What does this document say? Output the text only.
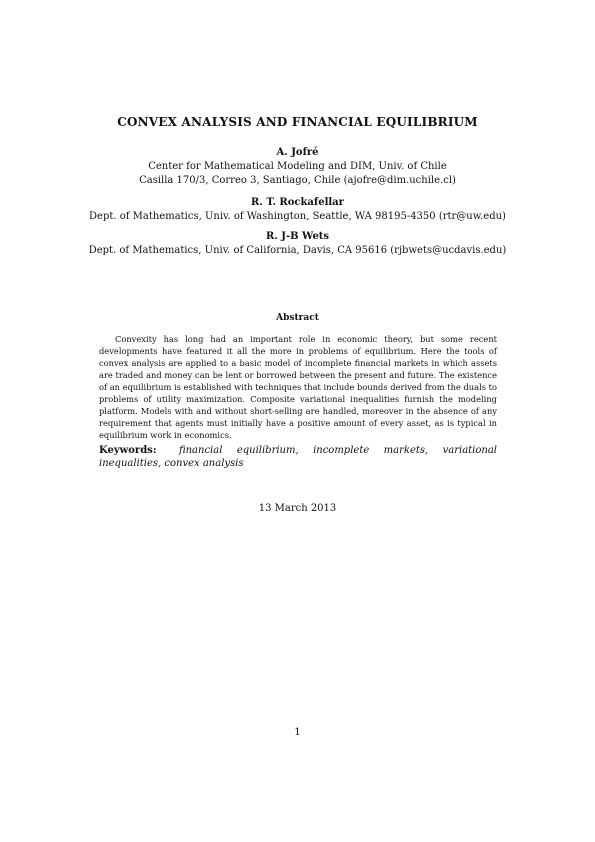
CONVEX ANALYSIS AND FINANCIAL EQUILIBRIUM
A. Jofré
Center for Mathematical Modeling and DIM, Univ. of Chile
Casilla 170/3, Correo 3, Santiago, Chile (ajofre@dim.uchile.cl)
R. T. Rockafellar
Dept. of Mathematics, Univ. of Washington, Seattle, WA 98195-4350 (rtr@uw.edu)
R. J-B Wets
Dept. of Mathematics, Univ. of California, Davis, CA 95616 (rjbwets@ucdavis.edu)
Abstract
Convexity has long had an important role in economic theory, but some recent developments have featured it all the more in problems of equilibrium. Here the tools of convex analysis are applied to a basic model of incomplete financial markets in which assets are traded and money can be lent or borrowed between the present and future. The existence of an equilibrium is established with techniques that include bounds derived from the duals to problems of utility maximization. Composite variational inequalities furnish the modeling platform. Models with and without short-selling are handled, moreover in the absence of any requirement that agents must initially have a positive amount of every asset, as is typical in equilibrium work in economics.
Keywords: financial equilibrium, incomplete markets, variational inequalities, convex analysis
13 March 2013
1
